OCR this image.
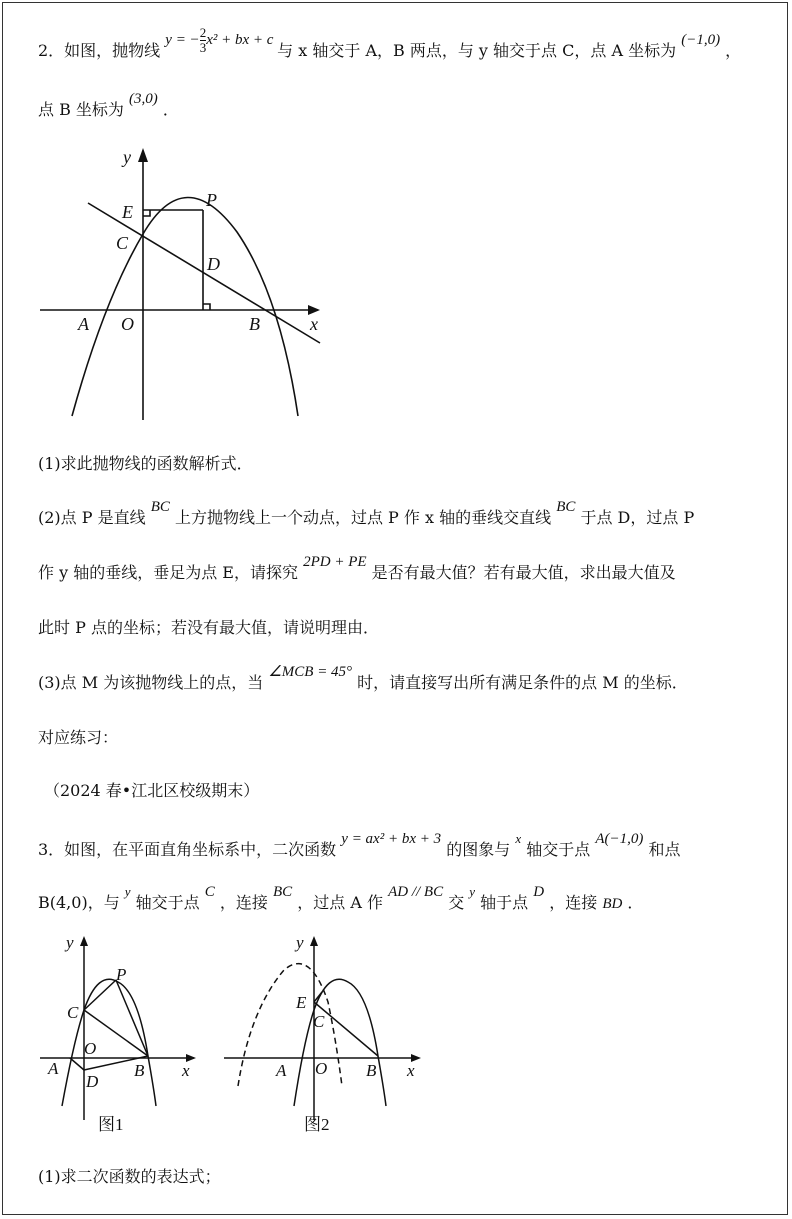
2．如图，抛物线 y = − $\frac{2}{3} x^2$ + bx + c 与 x 轴交于 A，B 两点，与 y 轴交于点 C，点 A 坐标为 (−1,0) ，
点 B 坐标为 (3,0) ．
y
x
E
P
C
D
A O	B
(1)求此抛物线的函数解析式．
(2)点 P 是直线 BC 上方抛物线上一个动点，过点 P 作 x 轴的垂线交直线 BC 于点 D，过点 P
作 y 轴的垂线，垂足为点 E，请探究 2PD + PE 是否有最大值？若有最大值，求出最大值及
此时 P 点的坐标；若没有最大值，请说明理由．
(3)点 M 为该抛物线上的点，当 ∠MCB = 45° 时，请直接写出所有满足条件的点 M 的坐标．
对应练习：
（2024 春•江北区校级期末）
3．如图，在平面直角坐标系中，二次函数 y = ax² + bx + 3 的图象与 $^x$ 轴交于点 A(−1,0) 和点
B(4,0)，与 $^y$ 轴交于点 C ，连接 BC ，过点 A 作 AD // BC 交 $^y$ 轴于点 D ，连接 BD ．
y
x
P
C
O
A
D
B
图1
y
x
E
C
A O B
图2
(1)求二次函数的表达式；
